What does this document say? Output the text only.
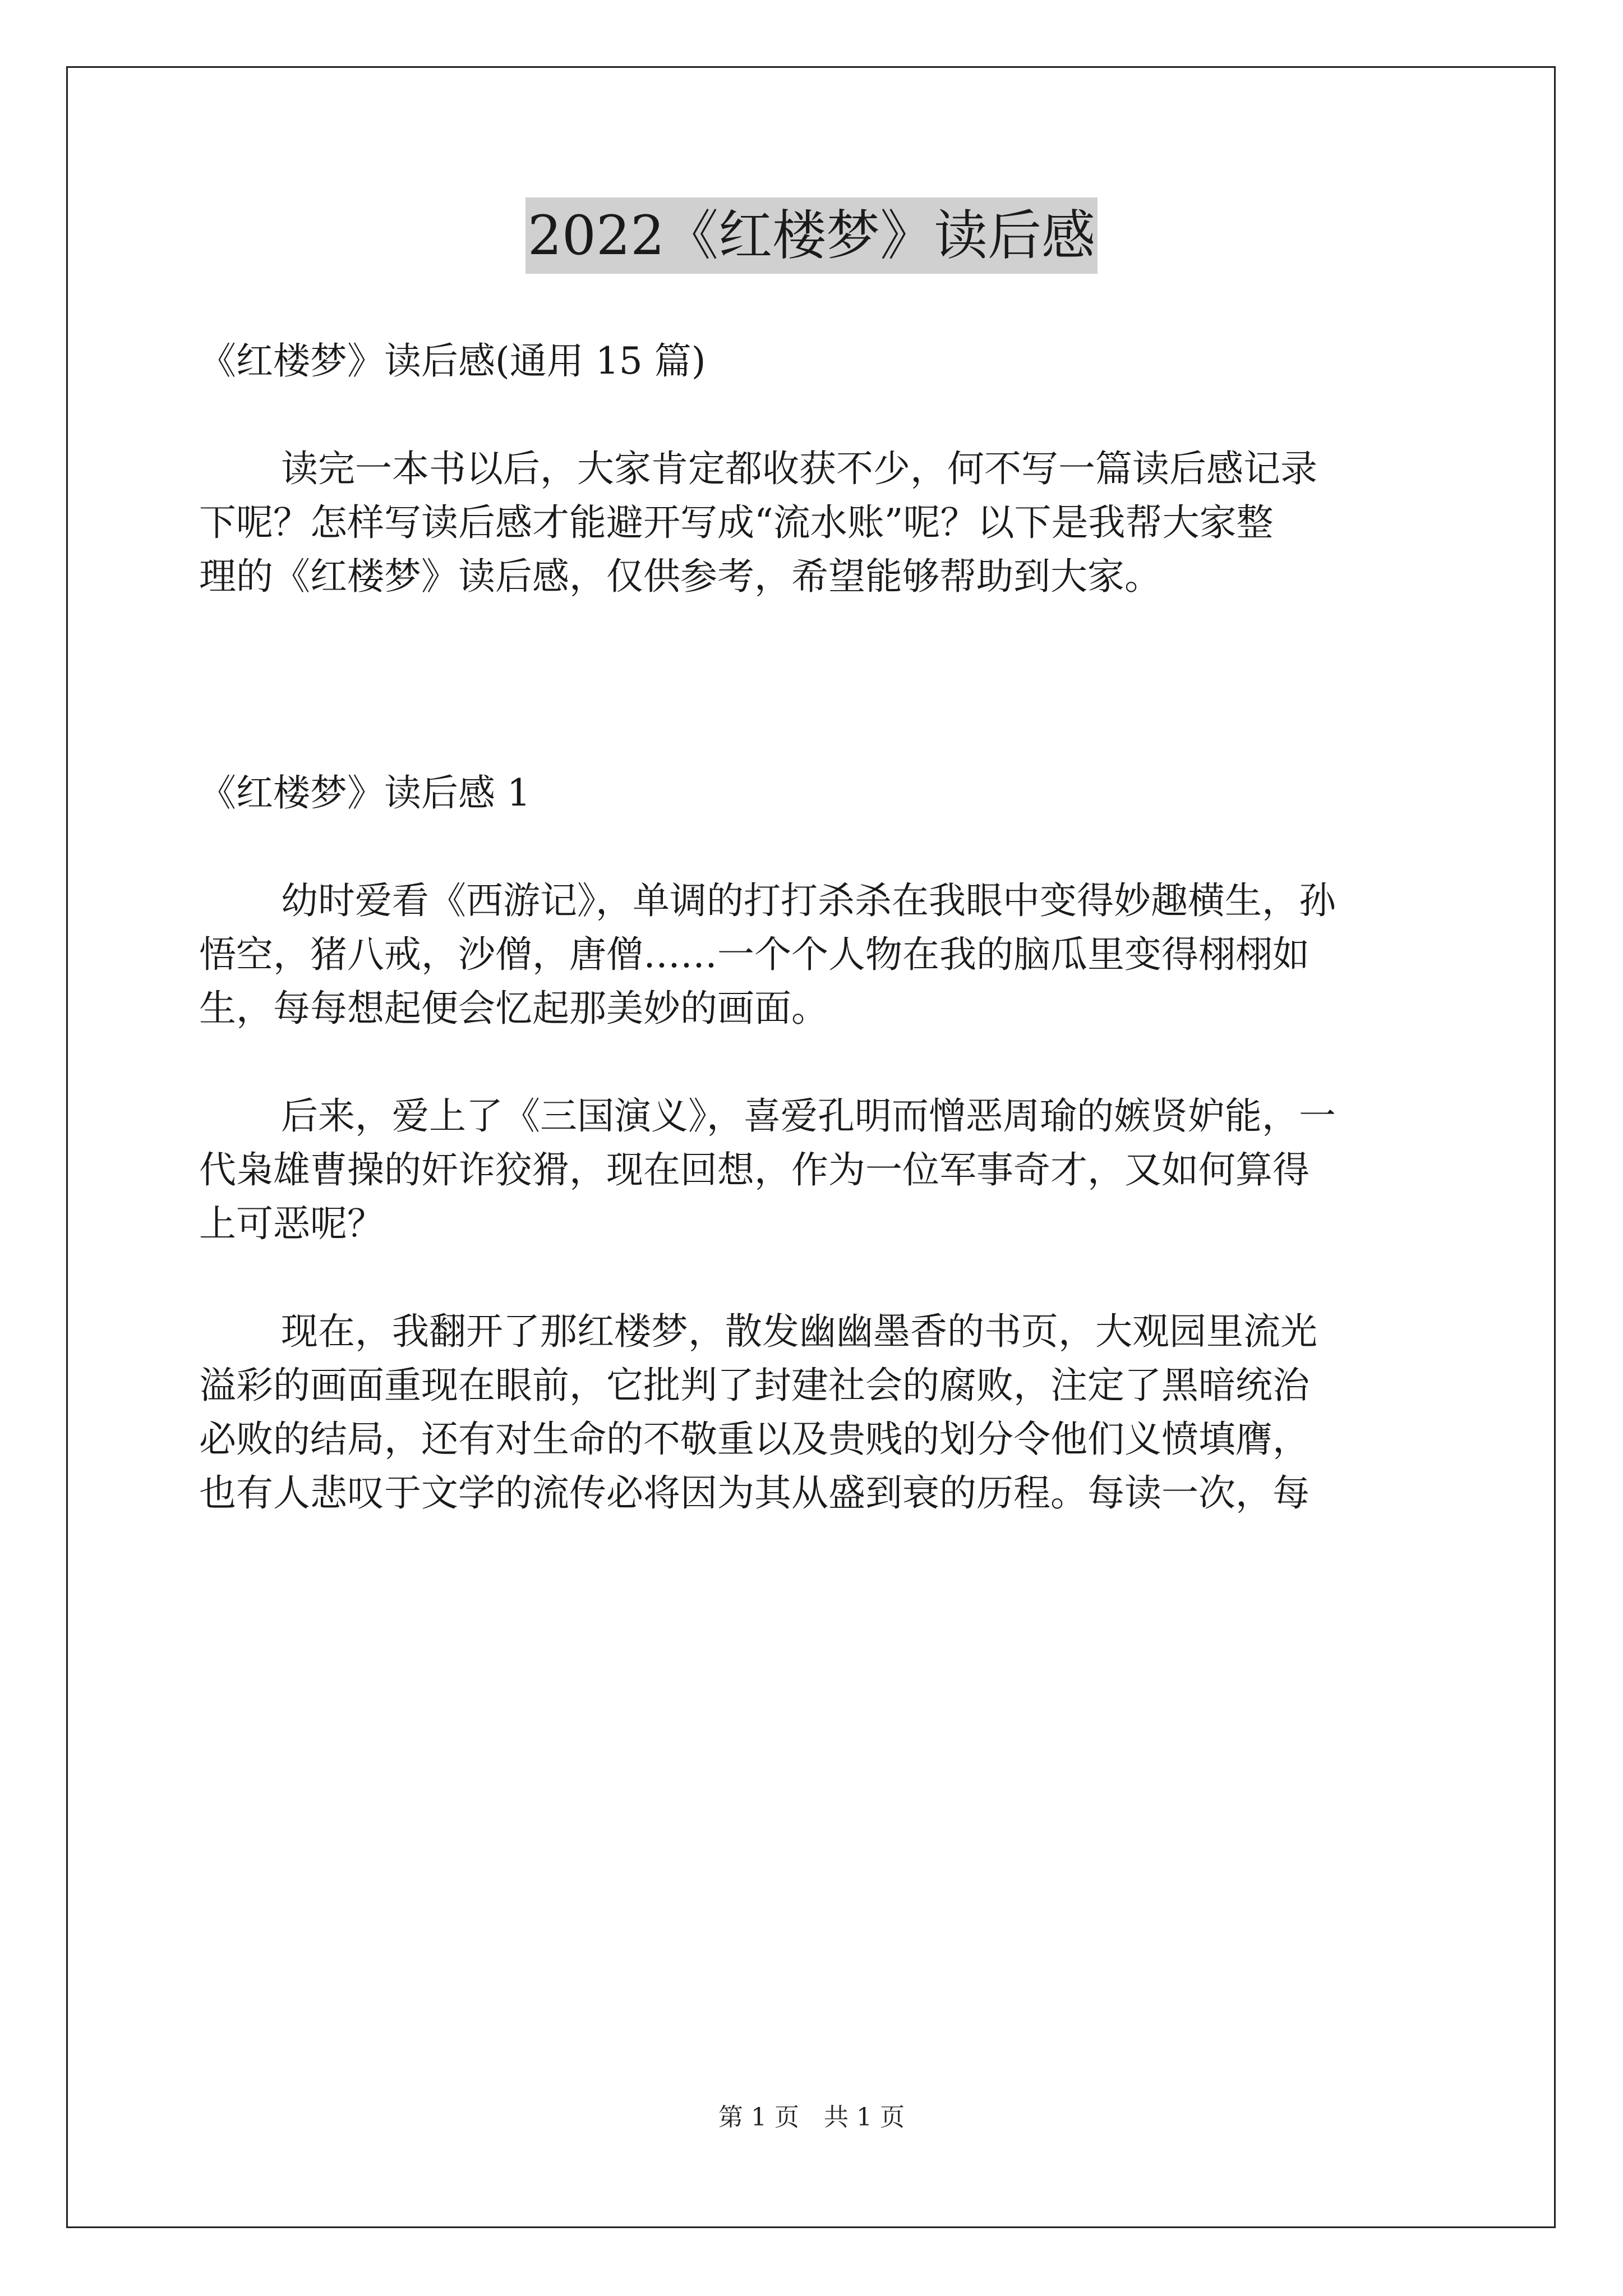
2022《红楼梦》读后感
《红楼梦》读后感(通用 15 篇)
读完一本书以后，大家肯定都收获不少，何不写一篇读后感记录
下呢？怎样写读后感才能避开写成“流水账”呢？以下是我帮大家整
理的《红楼梦》读后感，仅供参考，希望能够帮助到大家。
《红楼梦》读后感 1
幼时爱看《西游记》，单调的打打杀杀在我眼中变得妙趣横生，孙
悟空，猪八戒，沙僧，唐僧……一个个人物在我的脑瓜里变得栩栩如
生，每每想起便会忆起那美妙的画面。
后来，爱上了《三国演义》，喜爱孔明而憎恶周瑜的嫉贤妒能，一
代枭雄曹操的奸诈狡猾，现在回想，作为一位军事奇才，又如何算得
上可恶呢？
现在，我翻开了那红楼梦，散发幽幽墨香的书页，大观园里流光
溢彩的画面重现在眼前，它批判了封建社会的腐败，注定了黑暗统治
必败的结局，还有对生命的不敬重以及贵贱的划分令他们义愤填膺，
也有人悲叹于文学的流传必将因为其从盛到衰的历程。每读一次，每
第 1 页　共 1 页
